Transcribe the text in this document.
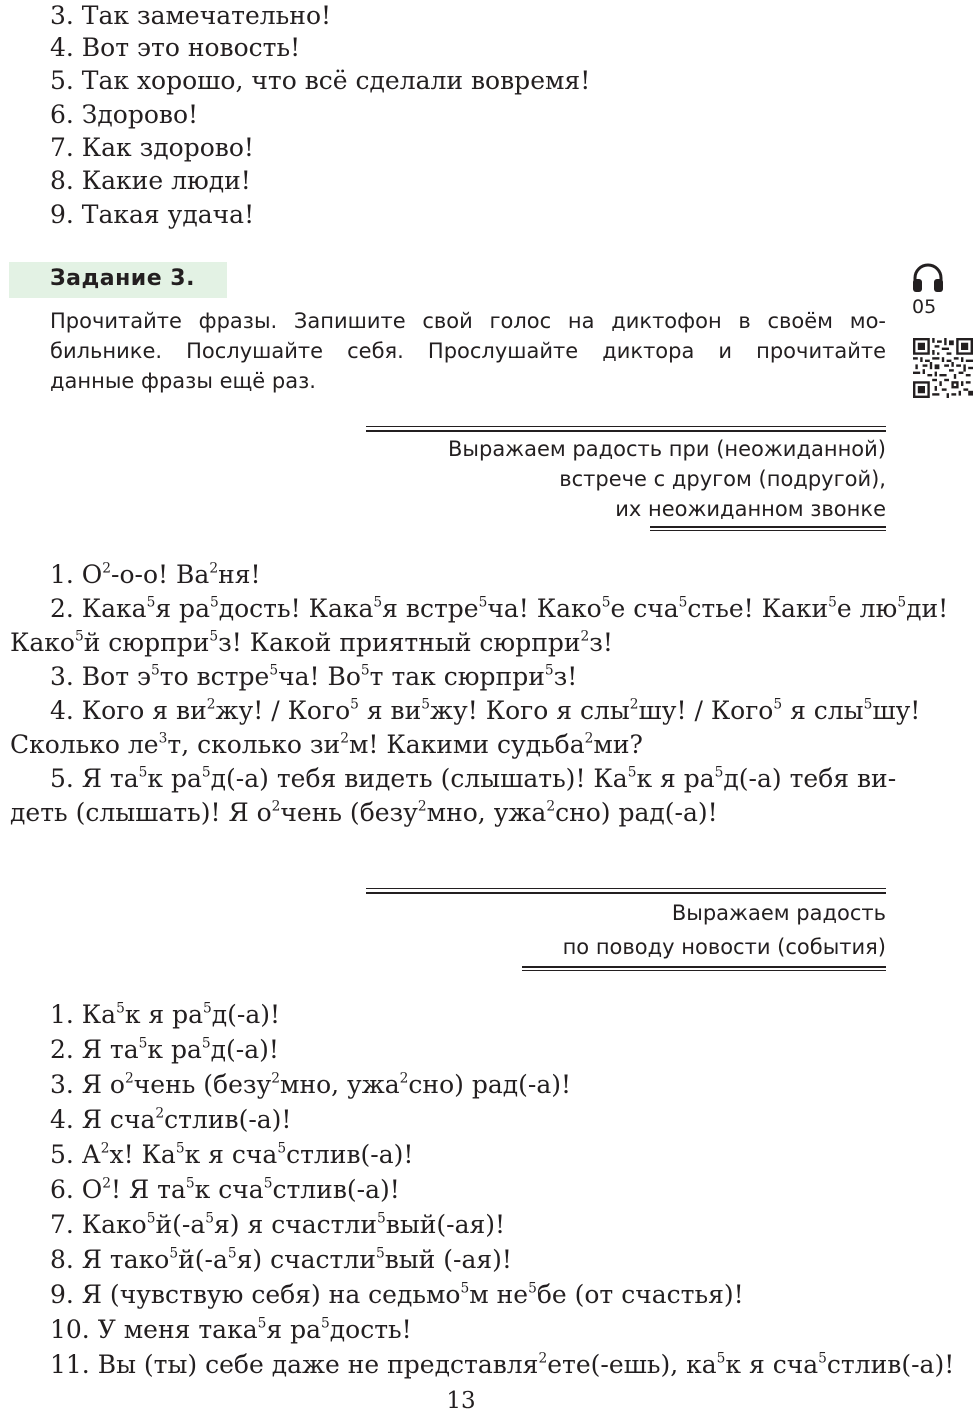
3. Так замечательно!
4. Вот это новость!
5. Так хорошо, что всё сделали вовремя!
6. Здорово!
7. Как здорово!
8. Какие люди!
9. Такая удача!
Задание 3.
Прочитайте фразы. Запишите свой голос на диктофон в своём мо-
бильнике. Послушайте себя. Прослушайте диктора и прочитайте
данные фразы ещё раз.
05
Выражаем радость при (неожиданной)
встрече с другом (подругой),
их неожиданном звонке
1. $О^2-о-о$! $Ва^2ня$!
2. Кака$^5$я $ра^5дость$! Кака$^5$я встре$^5$ча! Како$^5$е сча$^5$стье! Каки$^5$е $лю^5ди$!
Како$^5$й сюрпри$^5$з! Какой приятный сюрпри$^2$з!
3. Вот $э^5то$ встре$^5$ча! $Во^5т$ так сюрпри$^5$з!
4. Кого я $ви^2жу$! / Кого$^5$ я $ви^5жу$! Кого я слы$^2$шу! / Кого$^5$ я слы$^5$шу!
Сколько $ле^3т$, сколько $зи^2м$! Какими судьба$^2$ми?
5. Я $та^5к$ $ра^5д(-а)$ тебя видеть (слышать)! $Ка^5к$ я $ра^5д(-а)$ тебя ви-
деть (слышать)! Я $о^2чень$ (безу$^2$мно, ужа$^2$сно) рад(-а)!
Выражаем радость
по поводу новости (события)
1. $Ка^5к$ я $ра^5д(-а)$!
2. Я $та^5к$ $ра^5д(-а)$!
3. Я $о^2чень$ (безу$^2$мно, ужа$^2$сно) рад(-а)!
4. Я сча$^2$стлив(-а)!
5. $А^2х$! $Ка^5к$ я сча$^5$стлив(-а)!
6. $О^2$! Я $та^5к$ сча$^5$стлив(-а)!
7. $Како^5й(-а^5я)$ я счастли$^5$вый(-ая)!
8. Я $тако^5й(-а^5я)$ счастли$^5$вый (-ая)!
9. Я (чувствую себя) на седьмо$^5$м $не^5бе$ (от счастья)!
10. У меня така$^5$я $ра^5дость$!
11. Вы (ты) себе даже не представля$^2$ете(-ешь), $ка^5к$ я сча$^5$стлив(-а)!
13
